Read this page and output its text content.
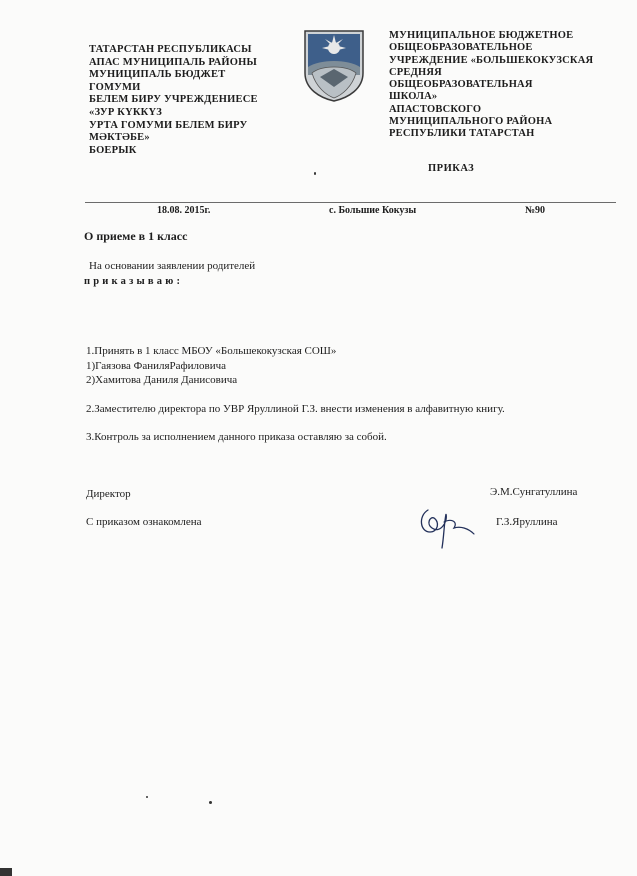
ТАТАРСТАН РЕСПУБЛИКАСЫ
АПАС МУНИЦИПАЛЬ РАЙОНЫ
МУНИЦИПАЛЬ БЮДЖЕТ
ГОМУМИ
БЕЛЕМ БИРУ УЧРЕЖДЕНИЕСЕ
«ЗУР КҮККҮЗ
УРТА ГОМУМИ БЕЛЕМ БИРУ
МӘКТӘБЕ»
БОЕРЫК
МУНИЦИПАЛЬНОЕ БЮДЖЕТНОЕ
ОБЩЕОБРАЗОВАТЕЛЬНОЕ
УЧРЕЖДЕНИЕ «БОЛЬШЕКОКУЗСКАЯ
СРЕДНЯЯ
ОБЩЕОБРАЗОВАТЕЛЬНАЯ
ШКОЛА»
АПАСТОВСКОГО
МУНИЦИПАЛЬНОГО РАЙОНА
РЕСПУБЛИКИ ТАТАРСТАН
ПРИКАЗ
18.08. 2015г.	с. Большие Кокузы	№90
О приеме в 1 класс
На основании заявлении родителей
приказываю:
1.Принять в 1 класс МБОУ «Большекокузская СОШ»
1)Гаязова ФаниляРафиловича
2)Хамитова Даниля Данисовича
2.Заместителю директора по УВР Яруллиной Г.З. внести изменения в алфавитную книгу.
3.Контроль за исполнением данного приказа оставляю за собой.
Директор	Э.М.Сунгатуллина
С приказом ознакомлена	Г.З.Яруллина
